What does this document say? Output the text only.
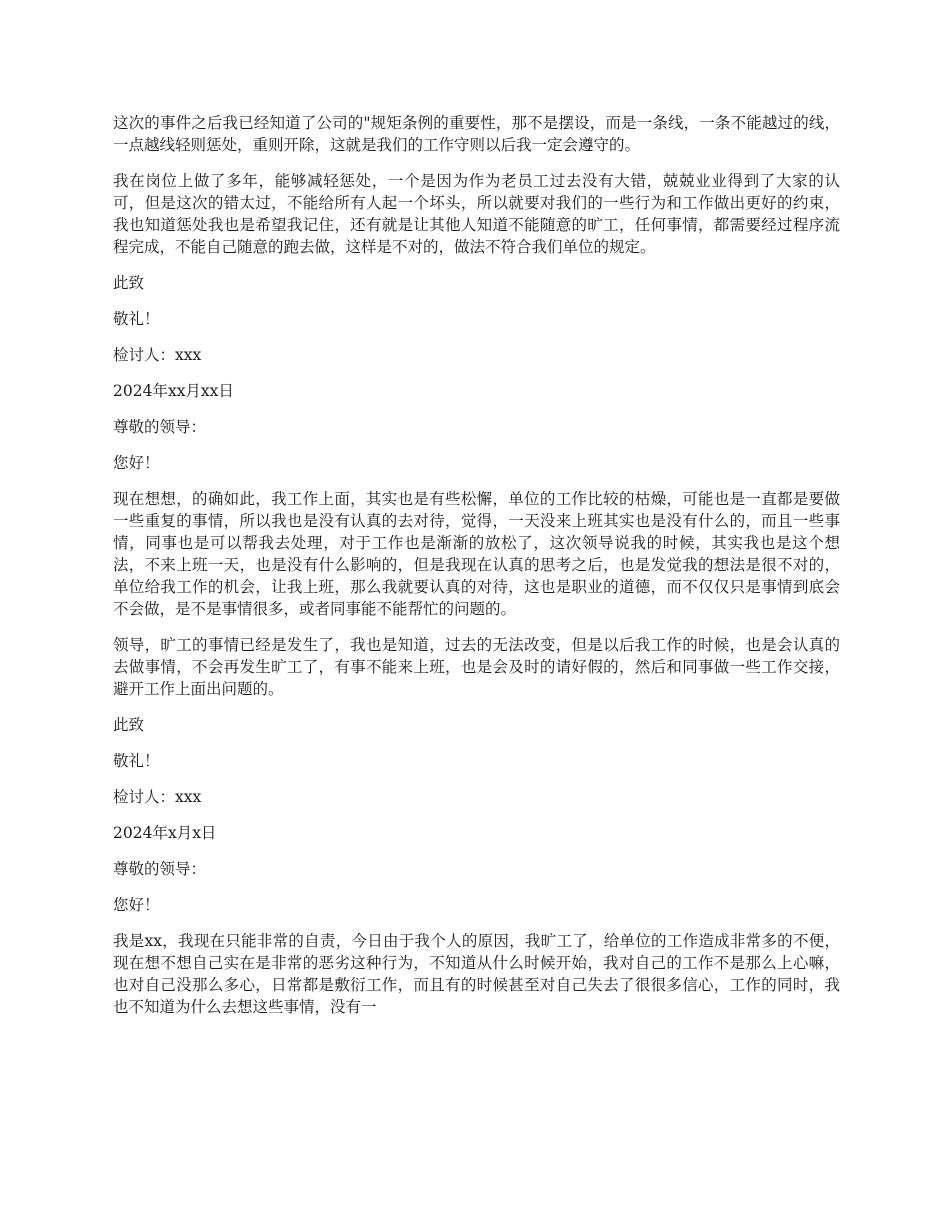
这次的事件之后我已经知道了公司的"规矩条例的重要性，那不是摆设，而是一条线，一条不能越过的线，一点越线轻则惩处，重则开除，这就是我们的工作守则以后我一定会遵守的。

我在岗位上做了多年，能够减轻惩处，一个是因为作为老员工过去没有大错，兢兢业业得到了大家的认可，但是这次的错太过，不能给所有人起一个坏头，所以就要对我们的一些行为和工作做出更好的约束，我也知道惩处我也是希望我记住，还有就是让其他人知道不能随意的旷工，任何事情，都需要经过程序流程完成，不能自己随意的跑去做，这样是不对的，做法不符合我们单位的规定。

此致

敬礼！

检讨人：xxx

2024年xx月xx日

尊敬的领导：

您好！

现在想想，的确如此，我工作上面，其实也是有些松懈，单位的工作比较的枯燥，可能也是一直都是要做一些重复的事情，所以我也是没有认真的去对待，觉得，一天没来上班其实也是没有什么的，而且一些事情，同事也是可以帮我去处理，对于工作也是渐渐的放松了，这次领导说我的时候，其实我也是这个想法，不来上班一天，也是没有什么影响的，但是我现在认真的思考之后，也是发觉我的想法是很不对的，单位给我工作的机会，让我上班，那么我就要认真的对待，这也是职业的道德，而不仅仅只是事情到底会不会做，是不是事情很多，或者同事能不能帮忙的问题的。

领导，旷工的事情已经是发生了，我也是知道，过去的无法改变，但是以后我工作的时候，也是会认真的去做事情，不会再发生旷工了，有事不能来上班，也是会及时的请好假的，然后和同事做一些工作交接，避开工作上面出问题的。

此致

敬礼！

检讨人：xxx

2024年x月x日

尊敬的领导：

您好！

我是xx，我现在只能非常的自责，今日由于我个人的原因，我旷工了，给单位的工作造成非常多的不便，现在想不想自己实在是非常的恶劣这种行为，不知道从什么时候开始，我对自己的工作不是那么上心嘛，也对自己没那么多心，日常都是敷衍工作，而且有的时候甚至对自己失去了很很多信心，工作的同时，我也不知道为什么去想这些事情，没有一
